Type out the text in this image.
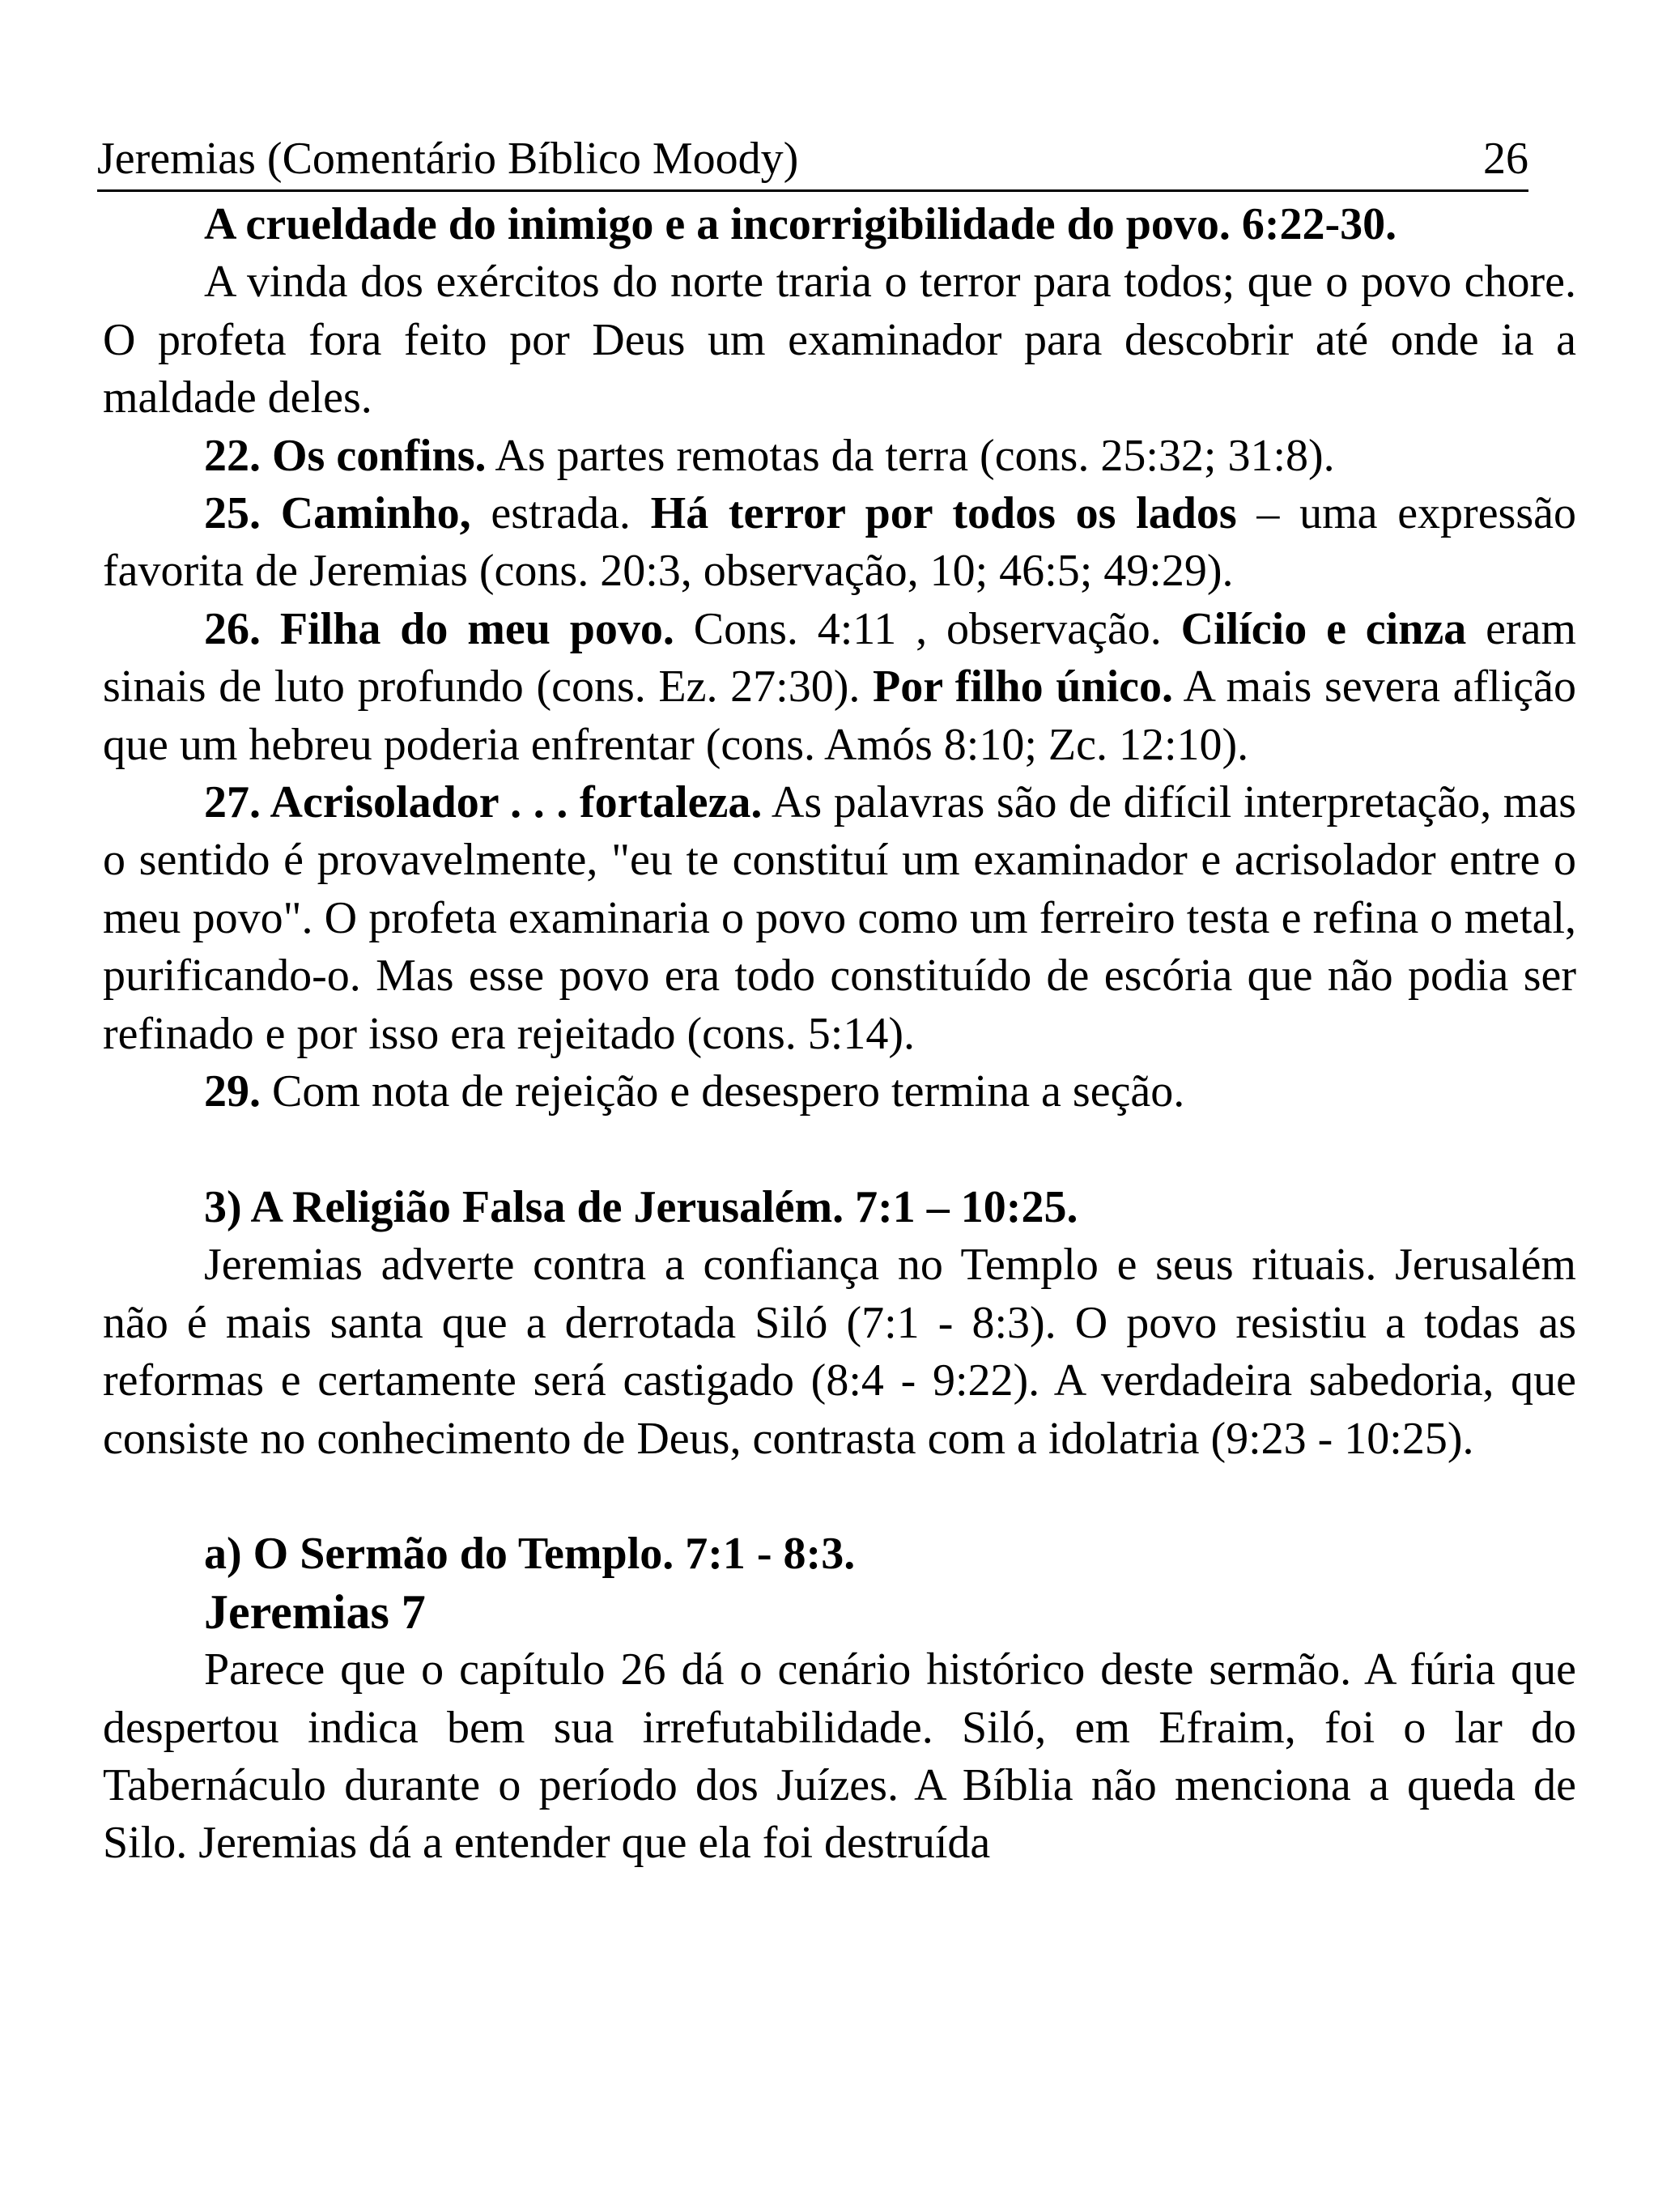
Jeremias (Comentário Bíblico Moody)	26

A crueldade do inimigo e a incorrigibilidade do povo. 6:22-30.

A vinda dos exércitos do norte traria o terror para todos; que o povo chore. O profeta fora feito por Deus um examinador para descobrir até onde ia a maldade deles.

22. Os confins. As partes remotas da terra (cons. 25:32; 31:8).

25. Caminho, estrada. Há terror por todos os lados – uma expressão favorita de Jeremias (cons. 20:3, observação, 10; 46:5; 49:29).

26. Filha do meu povo. Cons. 4:11 , observação. Cilício e cinza eram sinais de luto profundo (cons. Ez. 27:30). Por filho único. A mais severa aflição que um hebreu poderia enfrentar (cons. Amós 8:10; Zc. 12:10).

27. Acrisolador . . . fortaleza. As palavras são de difícil interpretação, mas o sentido é provavelmente, "eu te constituí um examinador e acrisolador entre o meu povo". O profeta examinaria o povo como um ferreiro testa e refina o metal, purificando-o. Mas esse povo era todo constituído de escória que não podia ser refinado e por isso era rejeitado (cons. 5:14).

29. Com nota de rejeição e desespero termina a seção.

3) A Religião Falsa de Jerusalém. 7:1 – 10:25.

Jeremias adverte contra a confiança no Templo e seus rituais. Jerusalém não é mais santa que a derrotada Siló (7:1 - 8:3). O povo resistiu a todas as reformas e certamente será castigado (8:4 - 9:22). A verdadeira sabedoria, que consiste no conhecimento de Deus, contrasta com a idolatria (9:23 - 10:25).

a) O Sermão do Templo. 7:1 - 8:3.

Jeremias 7

Parece que o capítulo 26 dá o cenário histórico deste sermão. A fúria que despertou indica bem sua irrefutabilidade. Siló, em Efraim, foi o lar do Tabernáculo durante o período dos Juízes. A Bíblia não menciona a queda de Silo. Jeremias dá a entender que ela foi destruída
